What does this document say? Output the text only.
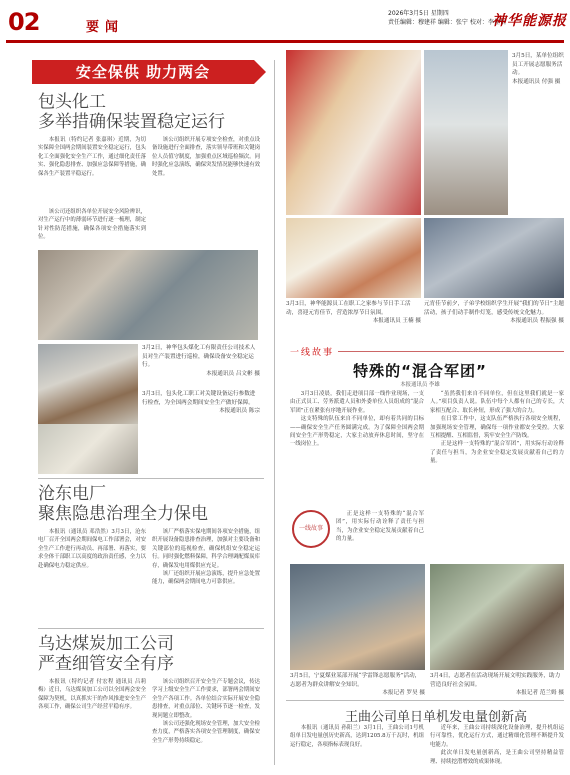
02	要闻
2026年3月5日 星期四
责任编辑：穆建祥 编辑：张宁 校对：李佳怡
神华能源报
安全保供 助力两会
包头化工
多举措确保装置稳定运行

本报讯（特约记者 张嘉琪）近期，为切实保障全国两会期间装置安全稳定运行，包头化工全面强化安全生产工作，通过细化责任落实、强化隐患排查、加强应急保障等措施，确保各生产装置平稳运行。

该公司组织开展专项安全检查，对重点设备设施进行全面排查，落实领导带班和关键岗位人员值守制度，加强重点区域巡检频次。同时强化应急演练，确保突发情况能够快速有效处置。

该公司还组织各单位开展安全风险辨识，对生产运行中的薄弱环节进行逐一梳理，制定针对性防范措施，确保各项安全措施落实到位。

3月2日，神华包头煤化工有限责任公司技术人员对生产装置进行巡检，确保设备安全稳定运行。
本报通讯员 吕文彬 摄
3月3日，包头化工职工对关键设备运行参数进行检查，为全国两会期间安全生产做好保障。
本报通讯员 陈宗
沧东电厂
聚焦隐患治理全力保电

本报讯（通讯员 邓浩然）3月3日，沧东电厂召开全国两会期间保电工作部署会，对安全生产工作进行再动员、再部署、再落实，要求全体干部职工以高度的政治责任感，全力以赴确保电力稳定供应。

该厂严格落实保电期间各项安全措施，组织开展设备隐患排查治理，加强对主要设备和关键部位的巡视检查，确保机组安全稳定运行。同时强化燃料保障，科学合理调配煤炭库存，确保发电用煤供应充足。

该厂还组织开展应急演练，提升应急处置能力，确保两会期间电力可靠供应。

乌达煤炭加工公司
严查细管安全有序

本报讯（特约记者 付宏程 通讯员 吕莉梅）近日，乌达煤炭加工公司以全国两会安全保障为契机，以真抓实干的作风推进安全生产各项工作，确保公司生产经营平稳有序。

该公司组织召开安全生产专题会议，传达学习上级安全生产工作要求，部署两会期间安全生产各项工作。各单位结合实际开展安全隐患排查，对重点部位、关键环节逐一检查，发现问题立即整改。

该公司还强化现场安全管理，加大安全检查力度，严格落实各项安全管理制度，确保安全生产形势持续稳定。

3月5日，某单位组织员工开展志愿服务活动。
本报通讯员 付强 摄
3月3日，神华能源员工在职工之家参与节日手工活动，喜迎元宵佳节，营造浓厚节日氛围。
本报通讯员 王楠 摄
元宵佳节前夕，子弟学校组织学生开展“我们的节日”主题活动，孩子们动手制作灯笼，感受传统文化魅力。
本报通讯员 程振强 摄
一线故事
特殊的“混合军团”
本报通讯员 李雄

3月3日凌晨，我们走进项目部一线作业现场，一支由正式员工、劳务派遣人员和外委单位人员组成的“混合军团”正在紧张有序地开展作业。

这支特殊的队伍来自不同单位，却有着共同的目标——确保安全生产任务圆满完成。为了保障全国两会期间安全生产形势稳定，大家主动放弃休息时间，坚守在一线岗位上。

“虽然我们来自不同单位，但在这里我们就是一家人。”项目负责人说。队伍中每个人都有自己的专长，大家相互配合、取长补短，形成了强大的合力。

在日常工作中，这支队伍严格执行各项安全规程，加强现场安全管理，确保每一项作业都安全受控。大家互相提醒、互相监督，筑牢安全生产防线。

正是这样一支特殊的“混合军团”，用实际行动诠释了责任与担当，为企业安全稳定发展贡献着自己的力量。

一线故事

正是这样一支特殊的“混合军团”，用实际行动诠释了责任与担当，为企业安全稳定发展贡献着自己的力量。

3月5日，宁夏煤业某部开展“学雷锋志愿服务”活动，志愿者为群众讲解安全知识。
本报记者 罗昊 摄
3月4日，志愿者在活动现场开展文明实践服务，助力营造良好社会氛围。
本报记者 范兰姆 摄
王曲公司单日单机发电量创新高

本报讯（通讯员 孙阳兰）3月1日，王曲公司1号机组单日发电量创历史新高，达到1205.8万千瓦时，机组运行稳定，各项指标表现良好。

近年来，王曲公司持续深化设备治理，提升机组运行可靠性，优化运行方式，通过精细化管理不断提升发电能力。

此次单日发电量创新高，是王曲公司坚持精益管理、持续挖潜增效的成果体现。
